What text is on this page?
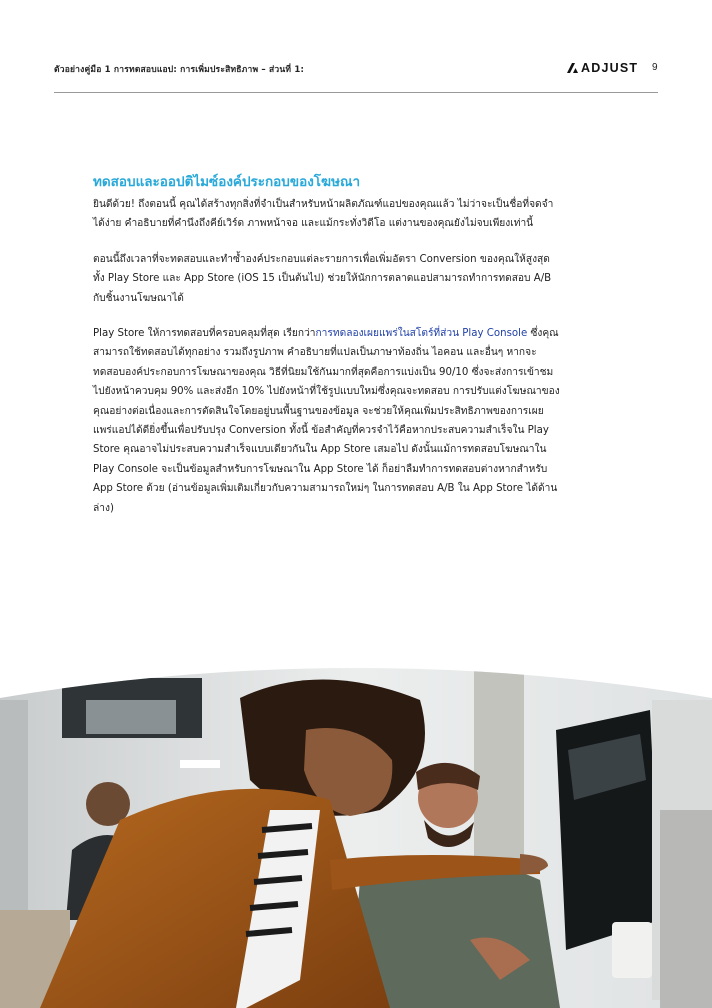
ตัวอย่างคู่มือ 1 การทดสอบแอป: การเพิ่มประสิทธิภาพ – ส่วนที่ 1:	ADJUST 9
ทดสอบและออปติไมซ์องค์ประกอบของโฆษณา

ยินดีด้วย! ถึงตอนนี้ คุณได้สร้างทุกสิ่งที่จำเป็นสำหรับหน้าผลิตภัณฑ์แอปของคุณแล้ว ไม่ว่าจะเป็นชื่อที่จดจำได้ง่าย คำอธิบายที่คำนึงถึงคีย์เวิร์ด ภาพหน้าจอ และแม้กระทั่งวิดีโอ แต่งานของคุณยังไม่จบเพียงเท่านี้

ตอนนี้ถึงเวลาที่จะทดสอบและทำซ้ำองค์ประกอบแต่ละรายการเพื่อเพิ่มอัตรา Conversion ของคุณให้สูงสุด ทั้ง Play Store และ App Store (iOS 15 เป็นต้นไป) ช่วยให้นักการตลาดแอปสามารถทำการทดสอบ A/B กับชิ้นงานโฆษณาได้

Play Store ให้การทดสอบที่ครอบคลุมที่สุด เรียกว่าการทดลองเผยแพร่ในสโตร์ที่ส่วน Play Console ซึ่งคุณสามารถใช้ทดสอบได้ทุกอย่าง รวมถึงรูปภาพ คำอธิบายที่แปลเป็นภาษาท้องถิ่น ไอคอน และอื่นๆ หากจะทดสอบองค์ประกอบการโฆษณาของคุณ วิธีที่นิยมใช้กันมากที่สุดคือการแบ่งเป็น 90/10 ซึ่งจะส่งการเข้าชมไปยังหน้าควบคุม 90% และส่งอีก 10% ไปยังหน้าที่ใช้รูปแบบใหม่ซึ่งคุณจะทดสอบ การปรับแต่งโฆษณาของคุณอย่างต่อเนื่องและการตัดสินใจโดยอยู่บนพื้นฐานของข้อมูล จะช่วยให้คุณเพิ่มประสิทธิภาพของการเผยแพร่แอปได้ดียิ่งขึ้นเพื่อปรับปรุง Conversion ทั้งนี้ ข้อสำคัญที่ควรจำไว้คือหากประสบความสำเร็จใน Play Store คุณอาจไม่ประสบความสำเร็จแบบเดียวกันใน App Store เสมอไป ดังนั้นแม้การทดสอบโฆษณาใน Play Console จะเป็นข้อมูลสำหรับการโฆษณาใน App Store ได้ ก็อย่าลืมทำการทดสอบต่างหากสำหรับ App Store ด้วย (อ่านข้อมูลเพิ่มเติมเกี่ยวกับความสามารถใหม่ๆ ในการทดสอบ A/B ใน App Store ได้ด้านล่าง)
